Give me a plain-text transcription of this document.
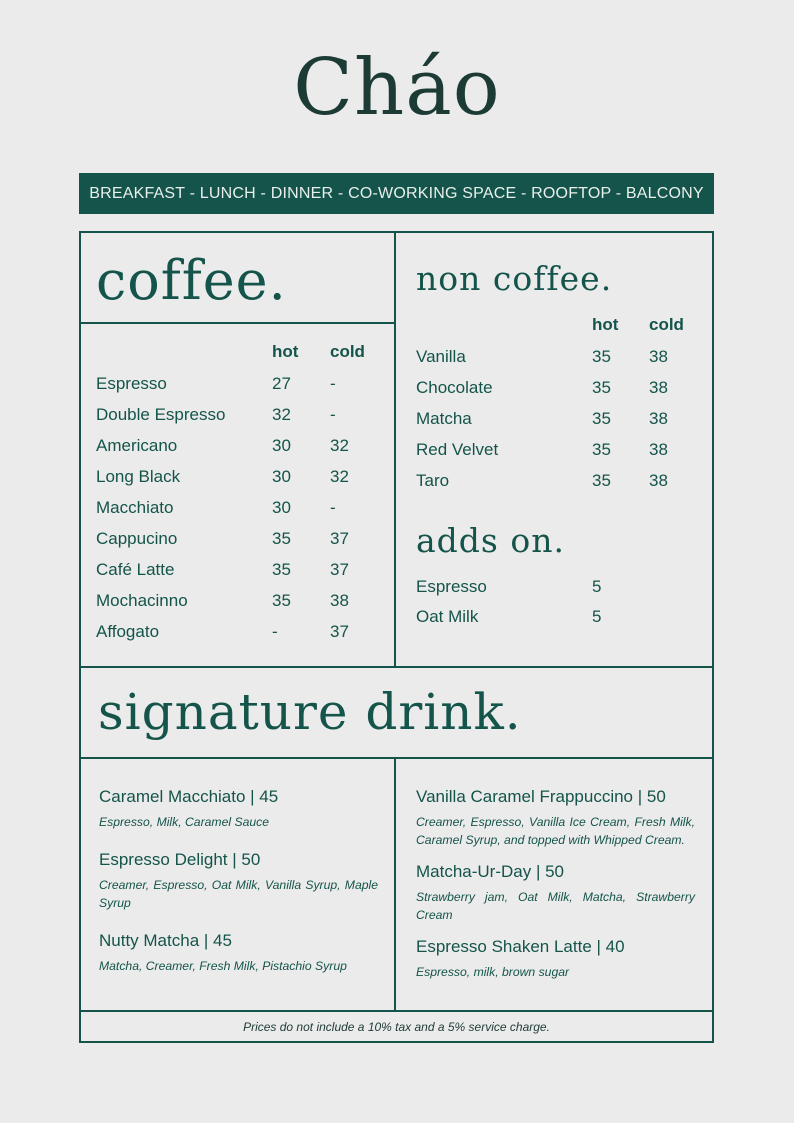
Cháo
BREAKFAST - LUNCH - DINNER - CO-WORKING SPACE - ROOFTOP - BALCONY
coffee.
hot cold
Espresso	27 -
Double Espresso	32 -
Americano	30 32
Long Black	30 32
Macchiato	30 -
Cappucino	35 37
Café Latte	35 37
Mochacinno	35 38
Affogato	-	37
non coffee.
hot cold
Vanilla	35 38
Chocolate	35 38
Matcha	35 38
Red Velvet	35 38
Taro	35 38
adds on.
Espresso	5
Oat Milk	5
signature drink.
Caramel Macchiato | 45
Espresso, Milk, Caramel Sauce
Espresso Delight | 50
Creamer, Espresso, Oat Milk, Vanilla Syrup, Maple Syrup
Nutty Matcha | 45
Matcha, Creamer, Fresh Milk, Pistachio Syrup
Vanilla Caramel Frappuccino | 50
Creamer, Espresso, Vanilla Ice Cream, Fresh Milk, Caramel Syrup, and topped with Whipped Cream.
Matcha-Ur-Day | 50
Strawberry jam, Oat Milk, Matcha, Strawberry Cream
Espresso Shaken Latte | 40
Espresso, milk, brown sugar
Prices do not include a 10% tax and a 5% service charge.
